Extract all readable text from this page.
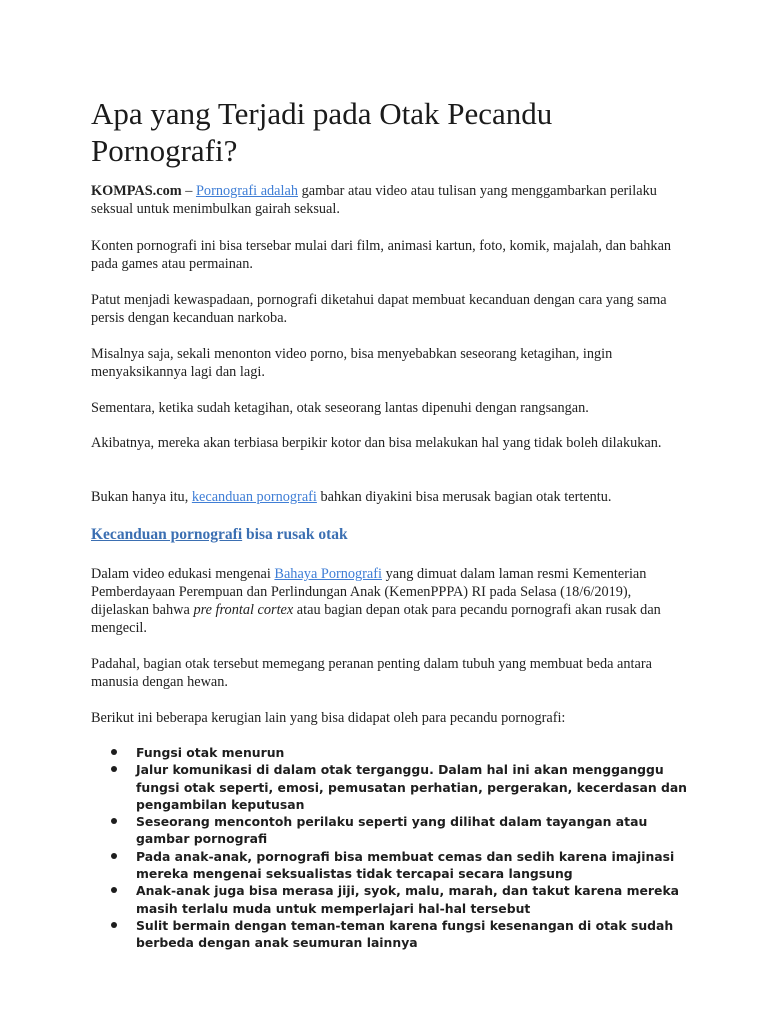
Apa yang Terjadi pada Otak Pecandu Pornografi?

KOMPAS.com – Pornografi adalah gambar atau video atau tulisan yang menggambarkan perilaku seksual untuk menimbulkan gairah seksual.

Konten pornografi ini bisa tersebar mulai dari film, animasi kartun, foto, komik, majalah, dan bahkan pada games atau permainan.

Patut menjadi kewaspadaan, pornografi diketahui dapat membuat kecanduan dengan cara yang sama persis dengan kecanduan narkoba.

Misalnya saja, sekali menonton video porno, bisa menyebabkan seseorang ketagihan, ingin menyaksikannya lagi dan lagi.

Sementara, ketika sudah ketagihan, otak seseorang lantas dipenuhi dengan rangsangan.

Akibatnya, mereka akan terbiasa berpikir kotor dan bisa melakukan hal yang tidak boleh dilakukan.

Bukan hanya itu, kecanduan pornografi bahkan diyakini bisa merusak bagian otak tertentu.

Kecanduan pornografi bisa rusak otak

Dalam video edukasi mengenai Bahaya Pornografi yang dimuat dalam laman resmi Kementerian Pemberdayaan Perempuan dan Perlindungan Anak (KemenPPPA) RI pada Selasa (18/6/2019), dijelaskan bahwa pre frontal cortex atau bagian depan otak para pecandu pornografi akan rusak dan mengecil.

Padahal, bagian otak tersebut memegang peranan penting dalam tubuh yang membuat beda antara manusia dengan hewan.

Berikut ini beberapa kerugian lain yang bisa didapat oleh para pecandu pornografi:

Fungsi otak menurun
Jalur komunikasi di dalam otak terganggu. Dalam hal ini akan mengganggu fungsi otak seperti, emosi, pemusatan perhatian, pergerakan, kecerdasan dan pengambilan keputusan
Seseorang mencontoh perilaku seperti yang dilihat dalam tayangan atau gambar pornografi
Pada anak-anak, pornografi bisa membuat cemas dan sedih karena imajinasi mereka mengenai seksualistas tidak tercapai secara langsung
Anak-anak juga bisa merasa jiji, syok, malu, marah, dan takut karena mereka masih terlalu muda untuk memperlajari hal-hal tersebut
Sulit bermain dengan teman-teman karena fungsi kesenangan di otak sudah berbeda dengan anak seumuran lainnya
